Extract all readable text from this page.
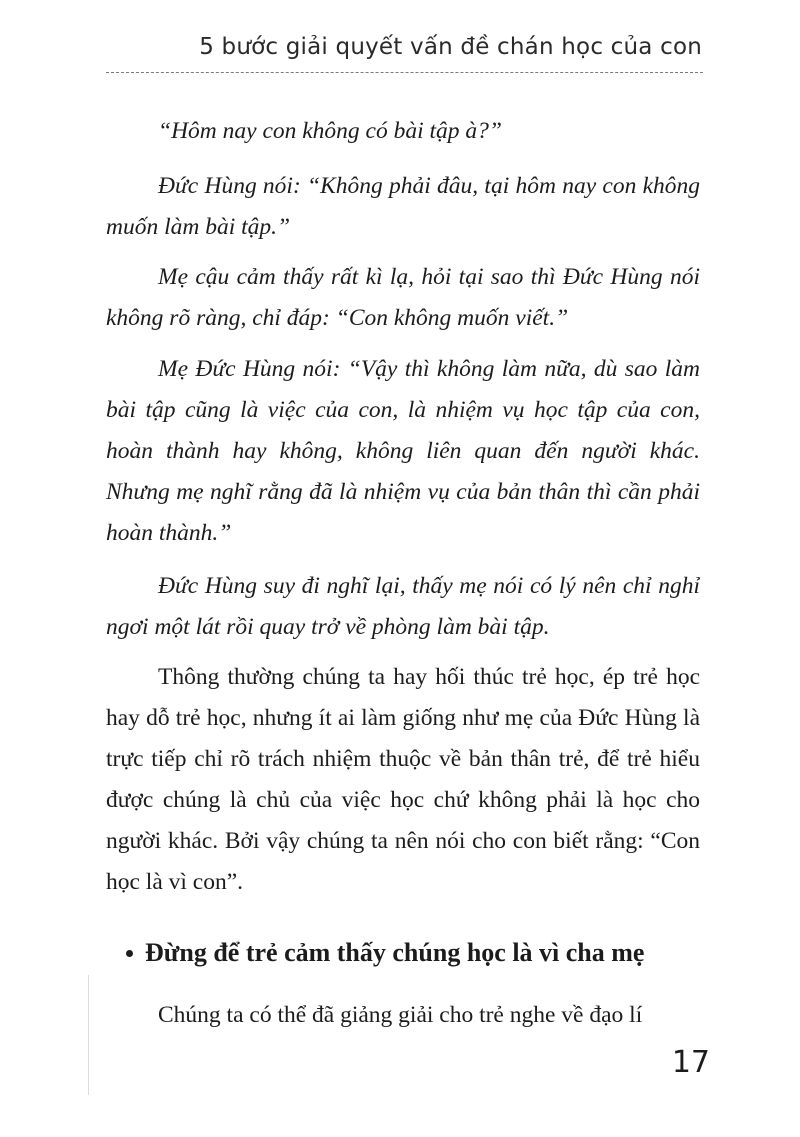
5 bước giải quyết vấn đề chán học của con

“Hôm nay con không có bài tập à?”

Đức Hùng nói: “Không phải đâu, tại hôm nay con không muốn làm bài tập.”

Mẹ cậu cảm thấy rất kì lạ, hỏi tại sao thì Đức Hùng nói không rõ ràng, chỉ đáp: “Con không muốn viết.”

Mẹ Đức Hùng nói: “Vậy thì không làm nữa, dù sao làm bài tập cũng là việc của con, là nhiệm vụ học tập của con, hoàn thành hay không, không liên quan đến người khác. Nhưng mẹ nghĩ rằng đã là nhiệm vụ của bản thân thì cần phải hoàn thành.”

Đức Hùng suy đi nghĩ lại, thấy mẹ nói có lý nên chỉ nghỉ ngơi một lát rồi quay trở về phòng làm bài tập.

Thông thường chúng ta hay hối thúc trẻ học, ép trẻ học hay dỗ trẻ học, nhưng ít ai làm giống như mẹ của Đức Hùng là trực tiếp chỉ rõ trách nhiệm thuộc về bản thân trẻ, để trẻ hiểu được chúng là chủ của việc học chứ không phải là học cho người khác. Bởi vậy chúng ta nên nói cho con biết rằng: “Con học là vì con”.

Đừng để trẻ cảm thấy chúng học là vì cha mẹ

Chúng ta có thể đã giảng giải cho trẻ nghe về đạo lí

17
